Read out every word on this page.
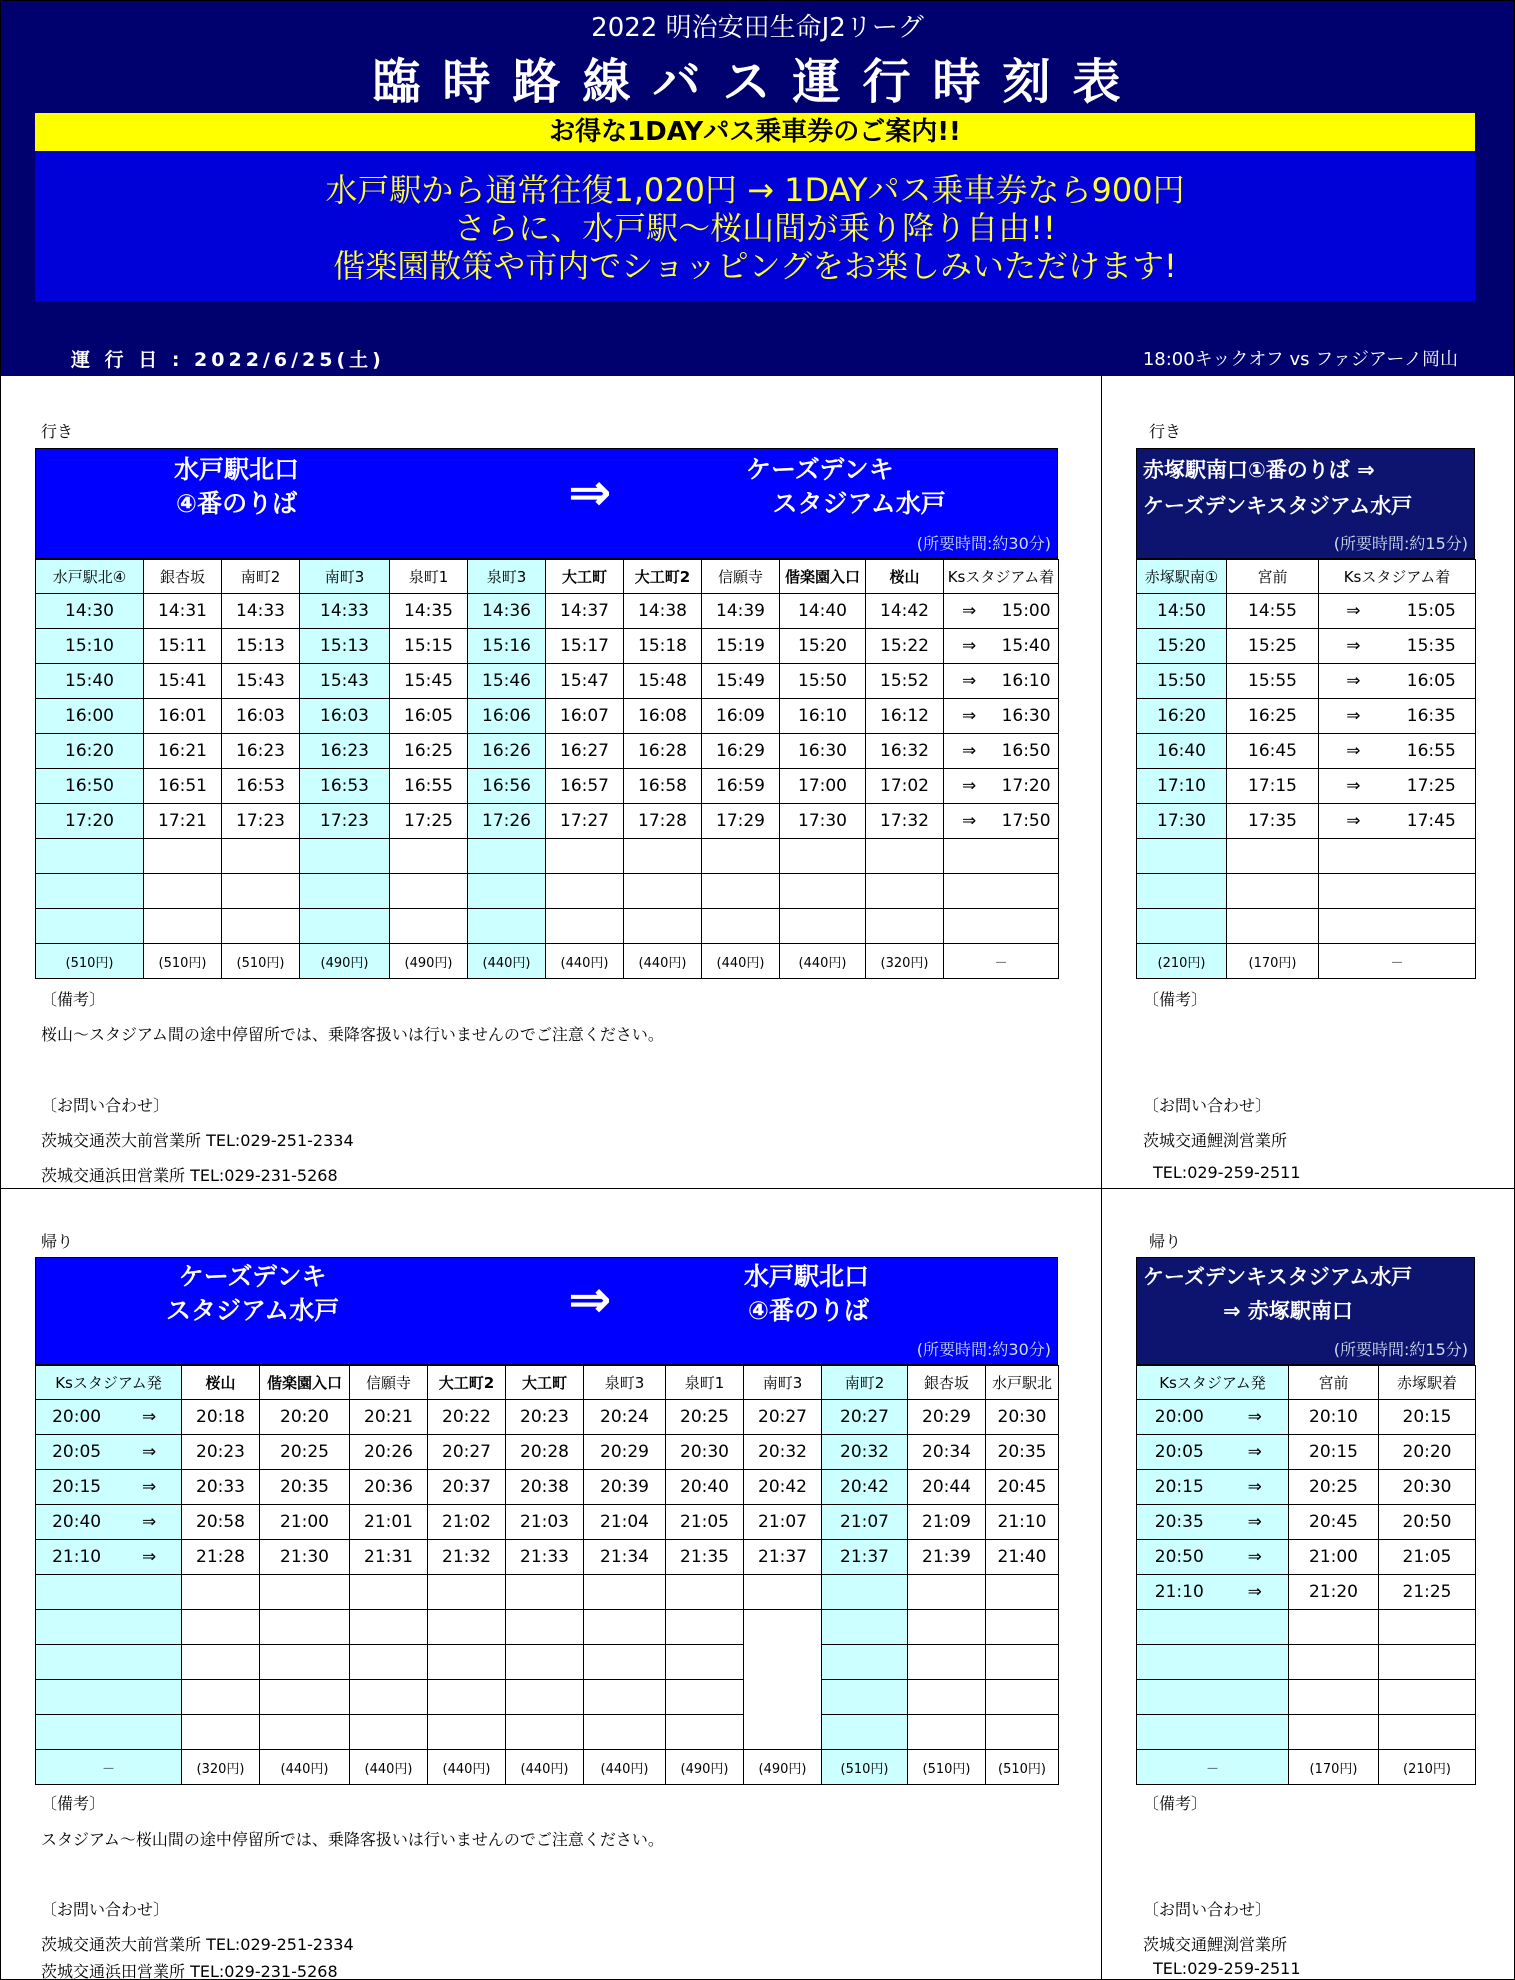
2022 明治安田生命J2リーグ
臨時路線バス運行時刻表
お得な1DAYパス乗車券のご案内!!
水戸駅から通常往復1,020円 → 1DAYパス乗車券なら900円
さらに、水戸駅～桜山間が乗り降り自由!!
偕楽園散策や市内でショッピングをお楽しみいただけます!
運 行 日 : 2022/6/25(土)	18:00キックオフ vs ファジアーノ岡山
行き
水戸駅北口
④番のりば	⇒	ケーズデンキ
スタジアム水戸
(所要時間:約30分)
水戸駅北④	銀杏坂	南町2	南町3	泉町1	泉町3	大工町	大工町2	信願寺	偕楽園入口	桜山	Ksスタジアム着
14:30	14:31	14:33	14:33	14:35	14:36	14:37	14:38	14:39	14:40	14:42	⇒ 15:00
15:10	15:11	15:13	15:13	15:15	15:16	15:17	15:18	15:19	15:20	15:22	⇒ 15:40
15:40	15:41	15:43	15:43	15:45	15:46	15:47	15:48	15:49	15:50	15:52	⇒ 16:10
16:00	16:01	16:03	16:03	16:05	16:06	16:07	16:08	16:09	16:10	16:12	⇒ 16:30
16:20	16:21	16:23	16:23	16:25	16:26	16:27	16:28	16:29	16:30	16:32	⇒ 16:50
16:50	16:51	16:53	16:53	16:55	16:56	16:57	16:58	16:59	17:00	17:02	⇒ 17:20
17:20	17:21	17:23	17:23	17:25	17:26	17:27	17:28	17:29	17:30	17:32	⇒ 17:50

(510円)	(510円)	(510円)	(490円)	(490円)	(440円)	(440円)	(440円)	(440円)	(440円)	(320円)	－
〔備考〕
桜山～スタジアム間の途中停留所では、乗降客扱いは行いませんのでご注意ください。
〔お問い合わせ〕
茨城交通茨大前営業所 TEL:029-251-2334
茨城交通浜田営業所 TEL:029-231-5268
行き
赤塚駅南口①番のりば ⇒
ケーズデンキスタジアム水戸
(所要時間:約15分)
赤塚駅南①	宮前	Ksスタジアム着
14:50	14:55	⇒ 15:05
15:20	15:25	⇒ 15:35
15:50	15:55	⇒ 16:05
16:20	16:25	⇒ 16:35
16:40	16:45	⇒ 16:55
17:10	17:15	⇒ 17:25
17:30	17:35	⇒ 17:45

(210円)	(170円)	－
〔備考〕
〔お問い合わせ〕
茨城交通鯉渕営業所
TEL:029-259-2511
帰り
ケーズデンキ
スタジアム水戸	⇒	水戸駅北口
④番のりば
(所要時間:約30分)
Ksスタジアム発	桜山	偕楽園入口	信願寺	大工町2	大工町	泉町3	泉町1	南町3	南町2	銀杏坂	水戸駅北
20:00 ⇒	20:18	20:20	20:21	20:22	20:23	20:24	20:25	20:27	20:27	20:29	20:30
20:05 ⇒	20:23	20:25	20:26	20:27	20:28	20:29	20:30	20:32	20:32	20:34	20:35
20:15 ⇒	20:33	20:35	20:36	20:37	20:38	20:39	20:40	20:42	20:42	20:44	20:45
20:40 ⇒	20:58	21:00	21:01	21:02	21:03	21:04	21:05	21:07	21:07	21:09	21:10
21:10 ⇒	21:28	21:30	21:31	21:32	21:33	21:34	21:35	21:37	21:37	21:39	21:40

－	(320円)	(440円)	(440円)	(440円)	(440円)	(440円)	(490円)	(490円)	(510円)	(510円)	(510円)
〔備考〕
スタジアム～桜山間の途中停留所では、乗降客扱いは行いませんのでご注意ください。
〔お問い合わせ〕
茨城交通茨大前営業所 TEL:029-251-2334
茨城交通浜田営業所 TEL:029-231-5268
帰り
ケーズデンキスタジアム水戸
⇒ 赤塚駅南口
(所要時間:約15分)
Ksスタジアム発	宮前	赤塚駅着
20:00 ⇒	20:10	20:15
20:05 ⇒	20:15	20:20
20:15 ⇒	20:25	20:30
20:35 ⇒	20:45	20:50
20:50 ⇒	21:00	21:05
21:10 ⇒	21:20	21:25

－	(170円)	(210円)
〔備考〕
〔お問い合わせ〕
茨城交通鯉渕営業所
TEL:029-259-2511
